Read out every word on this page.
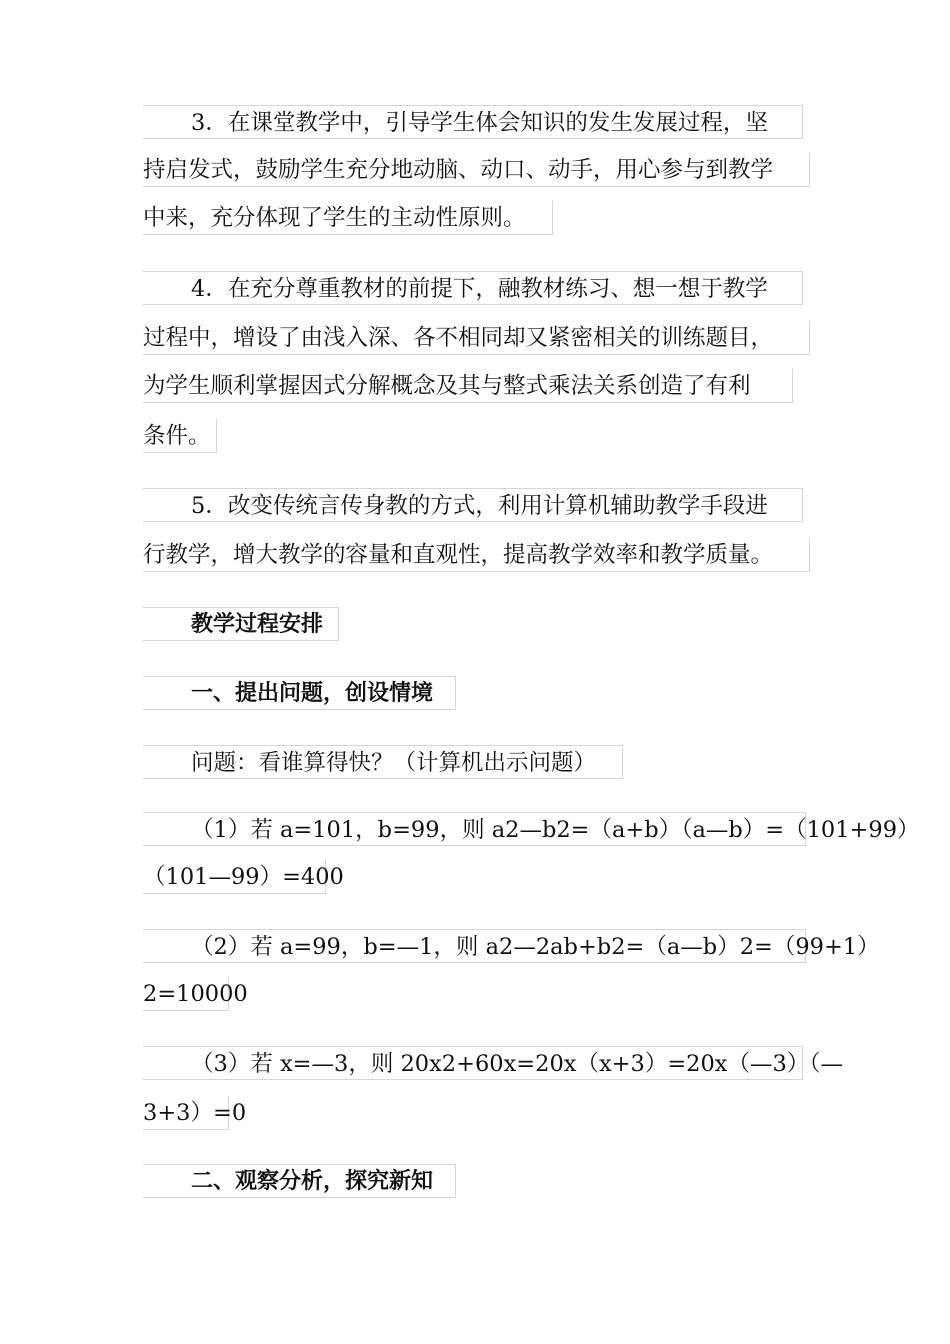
3．在课堂教学中，引导学生体会知识的发生发展过程，坚
持启发式，鼓励学生充分地动脑、动口、动手，用心参与到教学
中来，充分体现了学生的主动性原则。
4．在充分尊重教材的前提下，融教材练习、想一想于教学
过程中，增设了由浅入深、各不相同却又紧密相关的训练题目，
为学生顺利掌握因式分解概念及其与整式乘法关系创造了有利
条件。
5．改变传统言传身教的方式，利用计算机辅助教学手段进
行教学，增大教学的容量和直观性，提高教学效率和教学质量。
教学过程安排
一、提出问题，创设情境
问题：看谁算得快？（计算机出示问题）
（1）若 a=101，b=99，则 a2—b2=（a+b）（a—b）=（101+99）
（101—99）=400
（2）若 a=99，b=—1，则 a2—2ab+b2=（a—b）2=（99+1）
2=10000
（3）若 x=—3，则 20x2+60x=20x（x+3）=20x（—3）（—
3+3）=0
二、观察分析，探究新知
